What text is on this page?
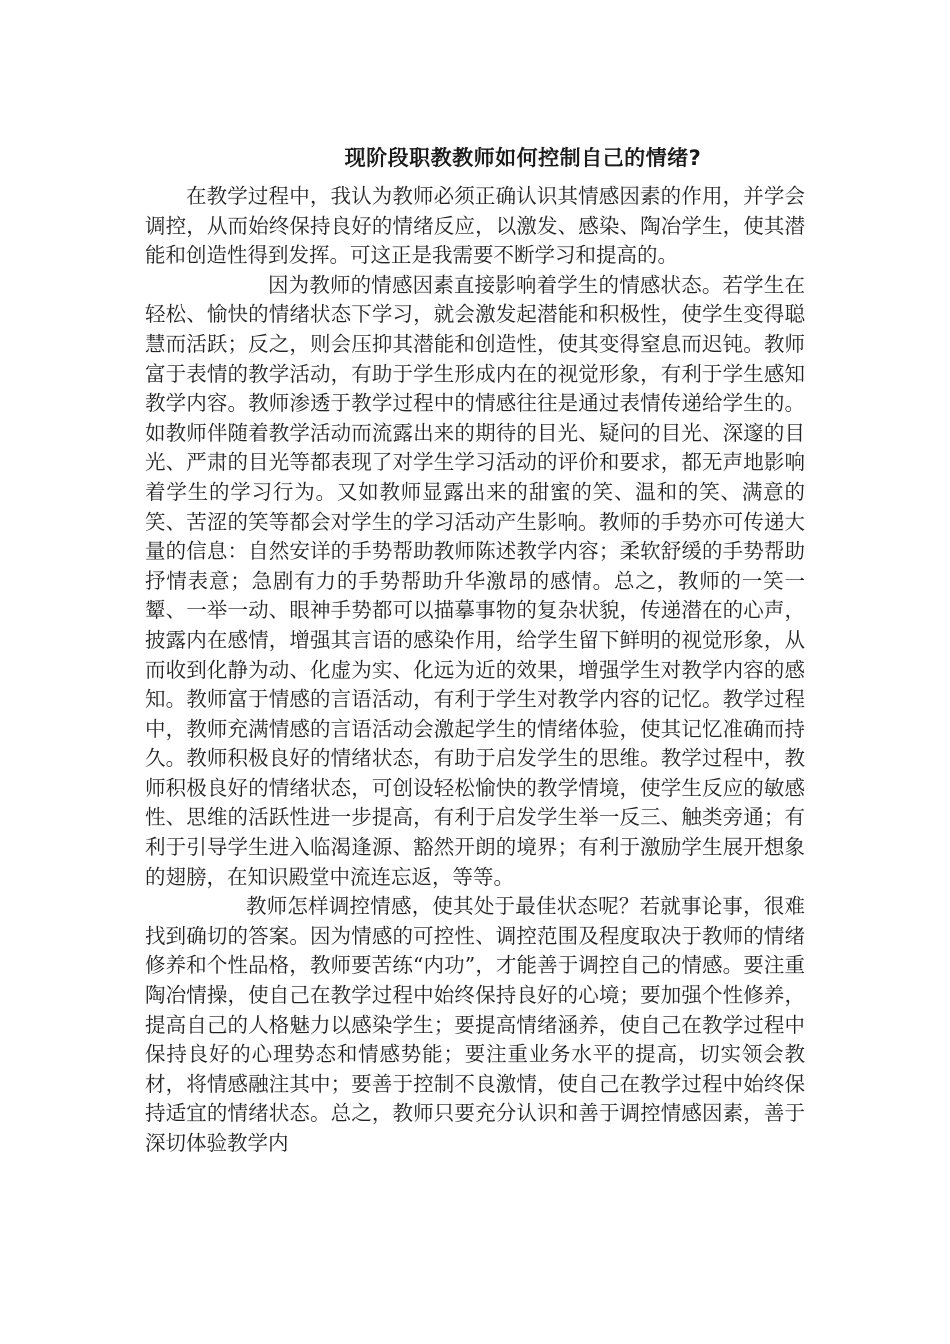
现阶段职教教师如何控制自己的情绪?

在教学过程中，我认为教师必须正确认识其情感因素的作用，并学会调控，从而始终保持良好的情绪反应，以激发、感染、陶冶学生，使其潜能和创造性得到发挥。可这正是我需要不断学习和提高的。

因为教师的情感因素直接影响着学生的情感状态。若学生在轻松、愉快的情绪状态下学习，就会激发起潜能和积极性，使学生变得聪慧而活跃；反之，则会压抑其潜能和创造性，使其变得窒息而迟钝。教师富于表情的教学活动，有助于学生形成内在的视觉形象，有利于学生感知教学内容。教师渗透于教学过程中的情感往往是通过表情传递给学生的。如教师伴随着教学活动而流露出来的期待的目光、疑问的目光、深邃的目光、严肃的目光等都表现了对学生学习活动的评价和要求，都无声地影响着学生的学习行为。又如教师显露出来的甜蜜的笑、温和的笑、满意的笑、苦涩的笑等都会对学生的学习活动产生影响。教师的手势亦可传递大量的信息：自然安详的手势帮助教师陈述教学内容；柔软舒缓的手势帮助抒情表意；急剧有力的手势帮助升华激昂的感情。总之，教师的一笑一颦、一举一动、眼神手势都可以描摹事物的复杂状貌，传递潜在的心声，披露内在感情，增强其言语的感染作用，给学生留下鲜明的视觉形象，从而收到化静为动、化虚为实、化远为近的效果，增强学生对教学内容的感知。教师富于情感的言语活动，有利于学生对教学内容的记忆。教学过程中，教师充满情感的言语活动会激起学生的情绪体验，使其记忆准确而持久。教师积极良好的情绪状态，有助于启发学生的思维。教学过程中，教师积极良好的情绪状态，可创设轻松愉快的教学情境，使学生反应的敏感性、思维的活跃性进一步提高，有利于启发学生举一反三、触类旁通；有利于引导学生进入临渴逢源、豁然开朗的境界；有利于激励学生展开想象的翅膀，在知识殿堂中流连忘返，等等。

教师怎样调控情感，使其处于最佳状态呢？若就事论事，很难找到确切的答案。因为情感的可控性、调控范围及程度取决于教师的情绪修养和个性品格，教师要苦练“内功”，才能善于调控自己的情感。要注重陶冶情操，使自己在教学过程中始终保持良好的心境；要加强个性修养，提高自己的人格魅力以感染学生；要提高情绪涵养，使自己在教学过程中保持良好的心理势态和情感势能；要注重业务水平的提高，切实领会教材，将情感融注其中；要善于控制不良激情，使自己在教学过程中始终保持适宜的情绪状态。总之，教师只要充分认识和善于调控情感因素，善于深切体验教学内
